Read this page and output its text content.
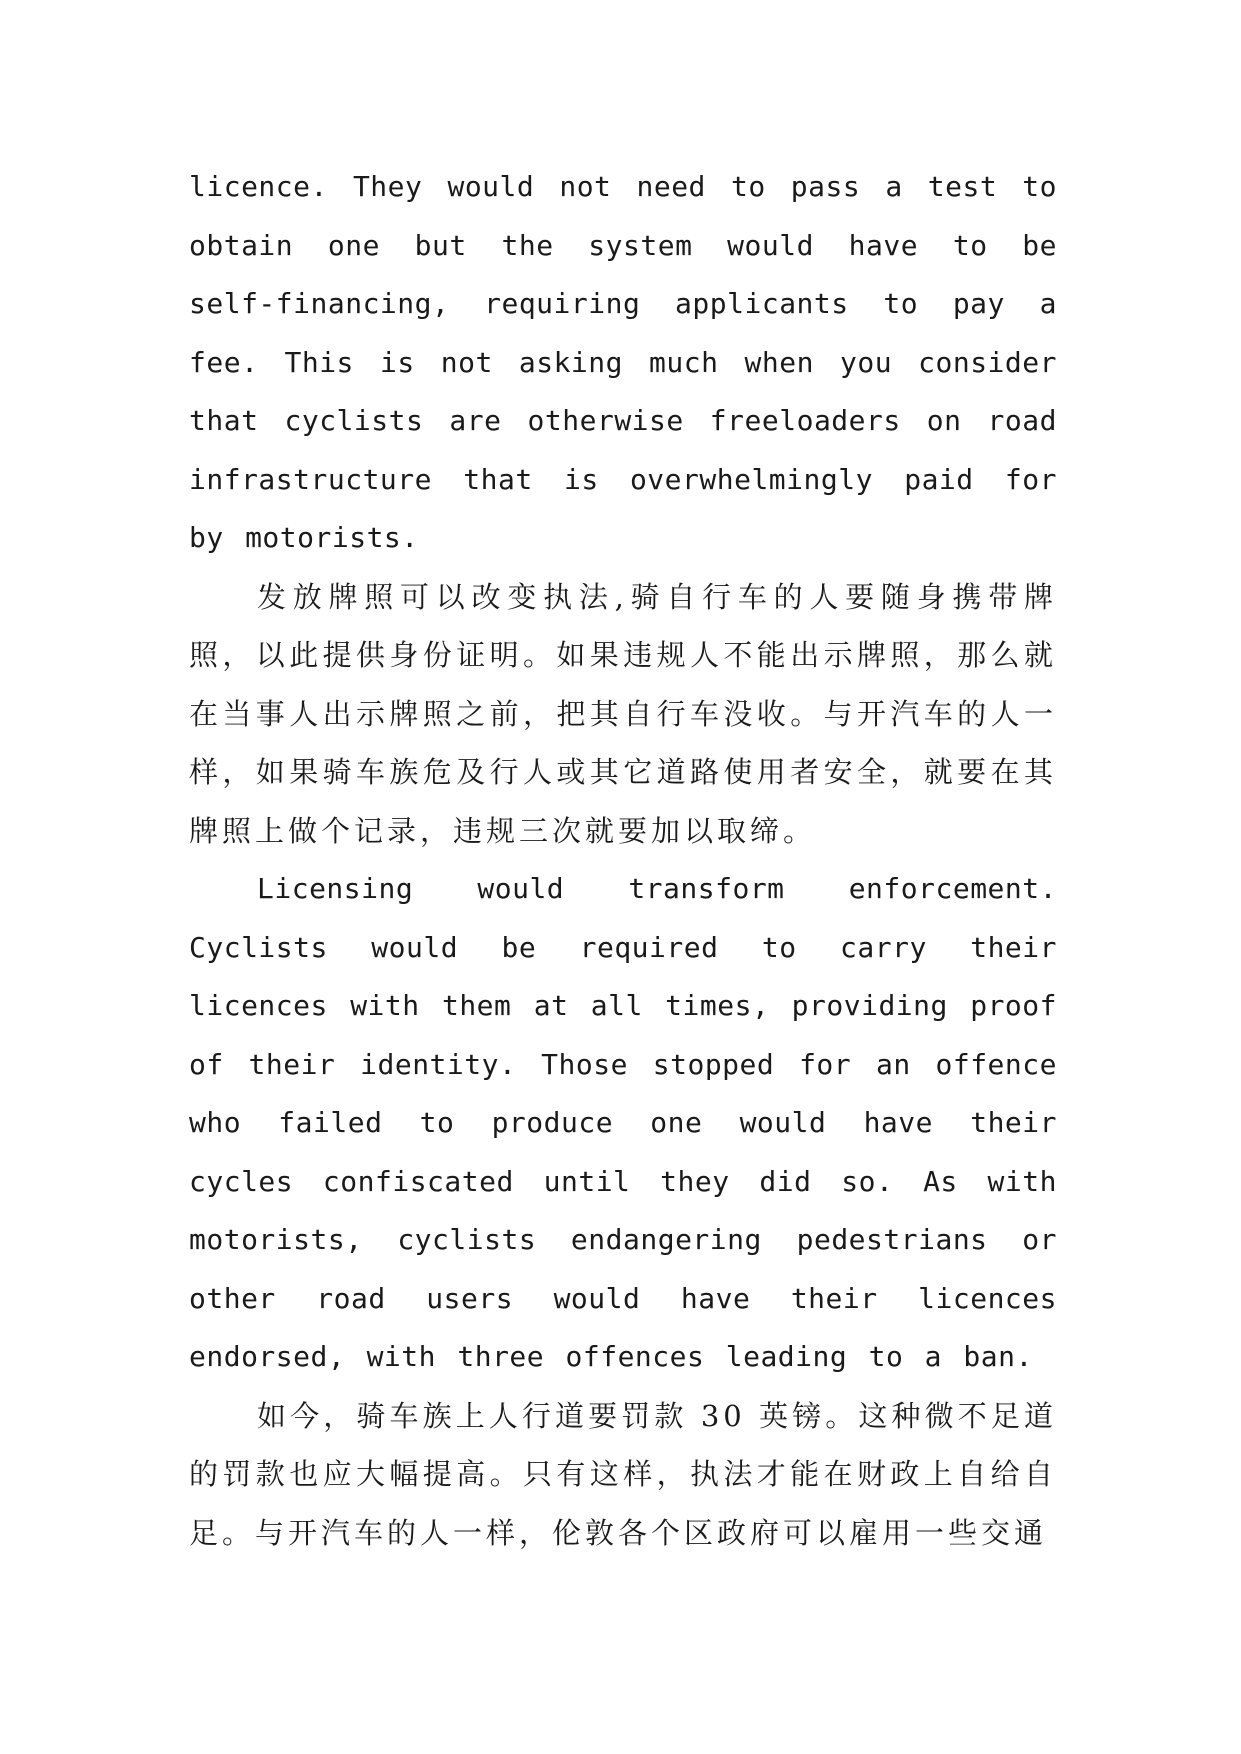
licence. They would not need to pass a test to obtain one but the system would have to be self-financing, requiring applicants to pay a fee. This is not asking much when you consider that cyclists are otherwise freeloaders on road infrastructure that is overwhelmingly paid for by motorists.

发放牌照可以改变执法,骑自行车的人要随身携带牌照，以此提供身份证明。如果违规人不能出示牌照，那么就在当事人出示牌照之前，把其自行车没收。与开汽车的人一样，如果骑车族危及行人或其它道路使用者安全，就要在其牌照上做个记录，违规三次就要加以取缔。

Licensing would transform enforcement. Cyclists would be required to carry their licences with them at all times, providing proof of their identity. Those stopped for an offence who failed to produce one would have their cycles confiscated until they did so. As with motorists, cyclists endangering pedestrians or other road users would have their licences endorsed, with three offences leading to a ban.

如今，骑车族上人行道要罚款 30 英镑。这种微不足道的罚款也应大幅提高。只有这样，执法才能在财政上自给自足。与开汽车的人一样，伦敦各个区政府可以雇用一些交通
